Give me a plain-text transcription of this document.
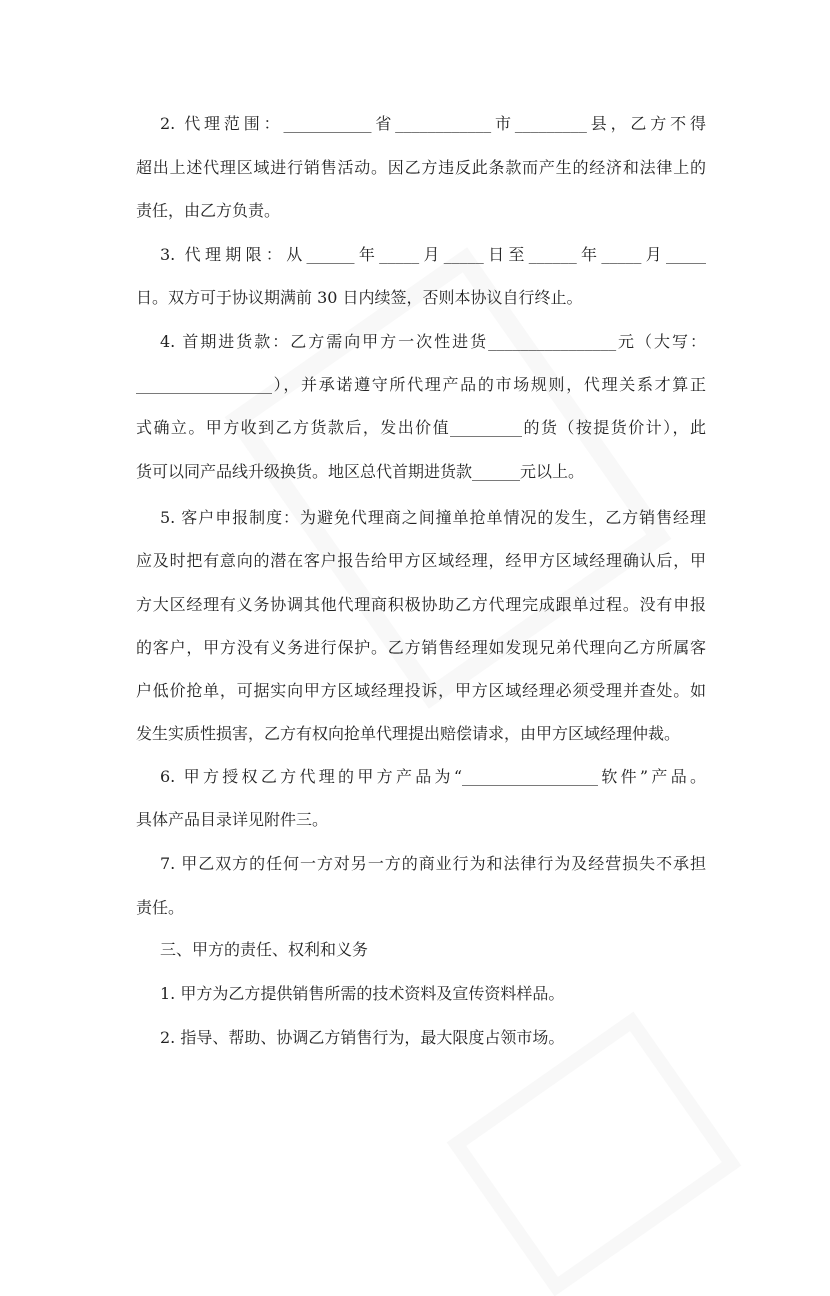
2. 代理范围：___________省____________市_________县，乙方不得
超出上述代理区域进行销售活动。因乙方违反此条款而产生的经济和法律上的
责任，由乙方负责。
3. 代理期限：从______年_____月_____日至______年_____月_____
日。双方可于协议期满前 30 日内续签，否则本协议自行终止。
4. 首期进货款：乙方需向甲方一次性进货________________元（大写：
_________________），并承诺遵守所代理产品的市场规则，代理关系才算正
式确立。甲方收到乙方货款后，发出价值_________的货（按提货价计），此
货可以同产品线升级换货。地区总代首期进货款______元以上。
5. 客户申报制度：为避免代理商之间撞单抢单情况的发生，乙方销售经理
应及时把有意向的潜在客户报告给甲方区域经理，经甲方区域经理确认后，甲
方大区经理有义务协调其他代理商积极协助乙方代理完成跟单过程。没有申报
的客户，甲方没有义务进行保护。乙方销售经理如发现兄弟代理向乙方所属客
户低价抢单，可据实向甲方区域经理投诉，甲方区域经理必须受理并查处。如
发生实质性损害，乙方有权向抢单代理提出赔偿请求，由甲方区域经理仲裁。
6. 甲方授权乙方代理的甲方产品为“_________________软件”产品。
具体产品目录详见附件三。
7. 甲乙双方的任何一方对另一方的商业行为和法律行为及经营损失不承担
责任。
三、甲方的责任、权利和义务
1. 甲方为乙方提供销售所需的技术资料及宣传资料样品。
2. 指导、帮助、协调乙方销售行为，最大限度占领市场。
